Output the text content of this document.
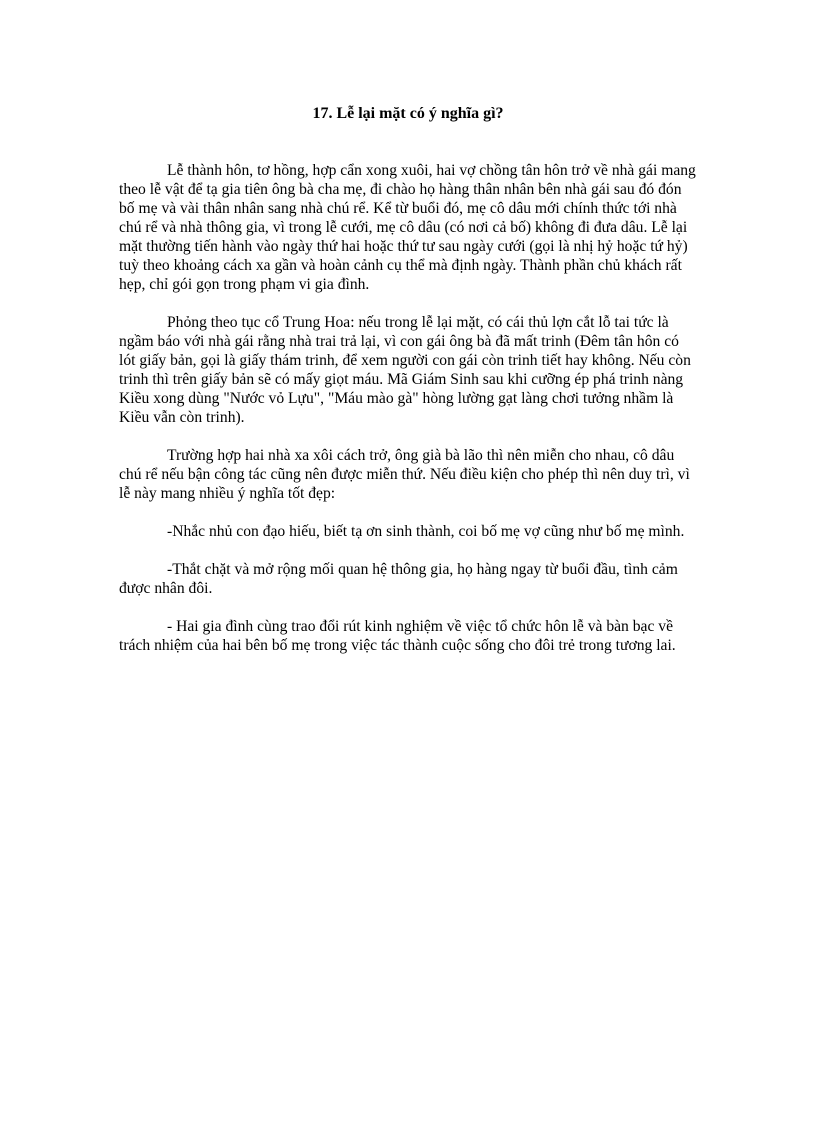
17. Lễ lại mặt có ý nghĩa gì?

Lễ thành hôn, tơ hồng, hợp cẩn xong xuôi, hai vợ chồng tân hôn trở về nhà gái mang theo lễ vật để tạ gia tiên ông bà cha mẹ, đi chào họ hàng thân nhân bên nhà gái sau đó đón bố mẹ và vài thân nhân sang nhà chú rể. Kể từ buổi đó, mẹ cô dâu mới chính thức tới nhà chú rể và nhà thông gia, vì trong lễ cưới, mẹ cô dâu (có nơi cả bố) không đi đưa dâu. Lễ lại mặt thường tiến hành vào ngày thứ hai hoặc thứ tư sau ngày cưới (gọi là nhị hỷ hoặc tứ hỷ) tuỳ theo khoảng cách xa gần và hoàn cảnh cụ thể mà định ngày. Thành phần chủ khách rất hẹp, chỉ gói gọn trong phạm vi gia đình.

Phỏng theo tục cổ Trung Hoa: nếu trong lễ lại mặt, có cái thủ lợn cắt lỗ tai tức là ngầm báo với nhà gái rằng nhà trai trả lại, vì con gái ông bà đã mất trinh (Đêm tân hôn có lót giấy bản, gọi là giấy thám trinh, để xem người con gái còn trinh tiết hay không. Nếu còn trinh thì trên giấy bản sẽ có mấy giọt máu. Mã Giám Sinh sau khi cưỡng ép phá trinh nàng Kiều xong dùng "Nước vỏ Lựu", "Máu mào gà" hòng lường gạt làng chơi tưởng nhầm là Kiều vẫn còn trinh).

Trường hợp hai nhà xa xôi cách trở, ông già bà lão thì nên miễn cho nhau, cô dâu chú rể nếu bận công tác cũng nên được miễn thứ. Nếu điều kiện cho phép thì nên duy trì, vì lễ này mang nhiều ý nghĩa tốt đẹp:

-Nhắc nhủ con đạo hiếu, biết tạ ơn sinh thành, coi bố mẹ vợ cũng như bố mẹ mình.

-Thắt chặt và mở rộng mối quan hệ thông gia, họ hàng ngay từ buổi đầu, tình cảm được nhân đôi.

- Hai gia đình cùng trao đổi rút kinh nghiệm về việc tổ chức hôn lễ và bàn bạc về trách nhiệm của hai bên bố mẹ trong việc tác thành cuộc sống cho đôi trẻ trong tương lai.
